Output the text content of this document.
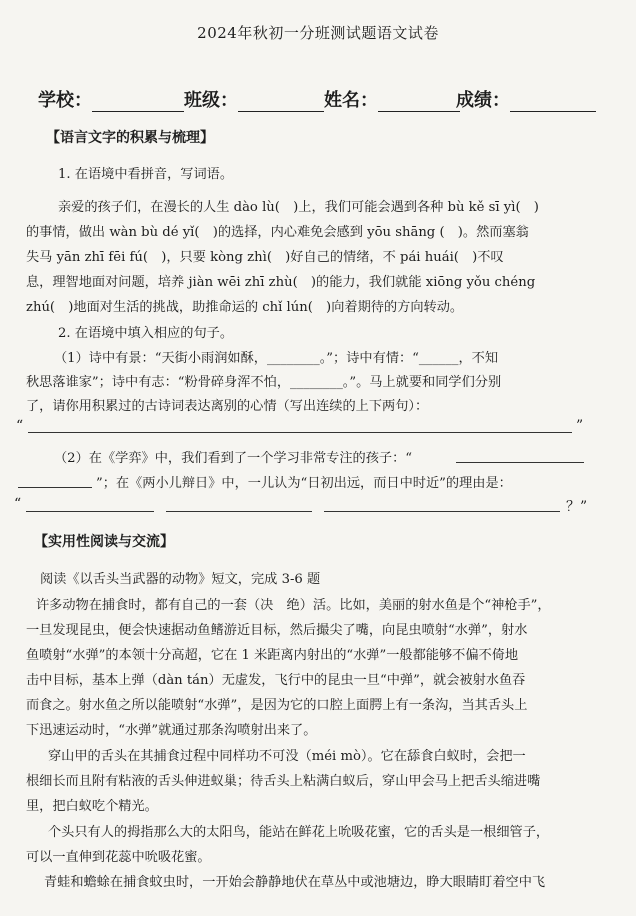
2024年秋初一分班测试题语文试卷
学校：	班级：	姓名：	成绩：
【语言文字的积累与梳理】
1. 在语境中看拼音，写词语。
亲爱的孩子们，在漫长的人生 dào lù(　)上，我们可能会遇到各种 bù kě sī yì(　)
的事情，做出 wàn bù dé yǐ(　)的选择，内心难免会感到 yōu shāng (　)。然而塞翁
失马 yān zhī fēi fú(　)，只要 kòng zhì(　)好自己的情绪，不 pái huái(　)不叹
息，理智地面对问题，培养 jiàn wēi zhī zhù(　)的能力，我们就能 xiōng yǒu chéng
zhú(　)地面对生活的挑战，助推命运的 chǐ lún(　)向着期待的方向转动。
2. 在语境中填入相应的句子。
（1）诗中有景：“天街小雨润如酥，________。”；诗中有情：“______，不知
秋思落谁家”；诗中有志：“粉骨碎身浑不怕，________。”。马上就要和同学们分别
了，请你用积累过的古诗词表达离别的心情（写出连续的上下两句）：
“	”
（2）在《学弈》中，我们看到了一个学习非常专注的孩子：“
”；在《两小儿辩日》中，一儿认为“日初出远，而日中时近”的理由是：
“	？”
【实用性阅读与交流】
阅读《以舌头当武器的动物》短文，完成 3-6 题
许多动物在捕食时，都有自己的一套（决　绝）活。比如，美丽的射水鱼是个“神枪手”，
一旦发现昆虫，便会快速据动鱼鳍游近目标，然后撮尖了嘴，向昆虫喷射“水弹”，射水
鱼喷射“水弹”的本领十分高超，它在 1 米距离内射出的“水弹”一般都能够不偏不倚地
击中目标，基本上弹（dàn tán）无虚发，飞行中的昆虫一旦“中弹”，就会被射水鱼吞
而食之。射水鱼之所以能喷射“水弹”，是因为它的口腔上面腭上有一条沟，当其舌头上
下迅速运动时，“水弹”就通过那条沟喷射出来了。
穿山甲的舌头在其捕食过程中同样功不可没（méi mò）。它在舔食白蚁时，会把一
根细长而且附有粘液的舌头伸进蚁巢；待舌头上粘满白蚁后，穿山甲会马上把舌头缩进嘴
里，把白蚁吃个精光。
个头只有人的拇指那么大的太阳鸟，能站在鲜花上吮吸花蜜，它的舌头是一根细管子，
可以一直伸到花蕊中吮吸花蜜。
青蛙和蟾蜍在捕食蚊虫时，一开始会静静地伏在草丛中或池塘边，睁大眼睛盯着空中飞
